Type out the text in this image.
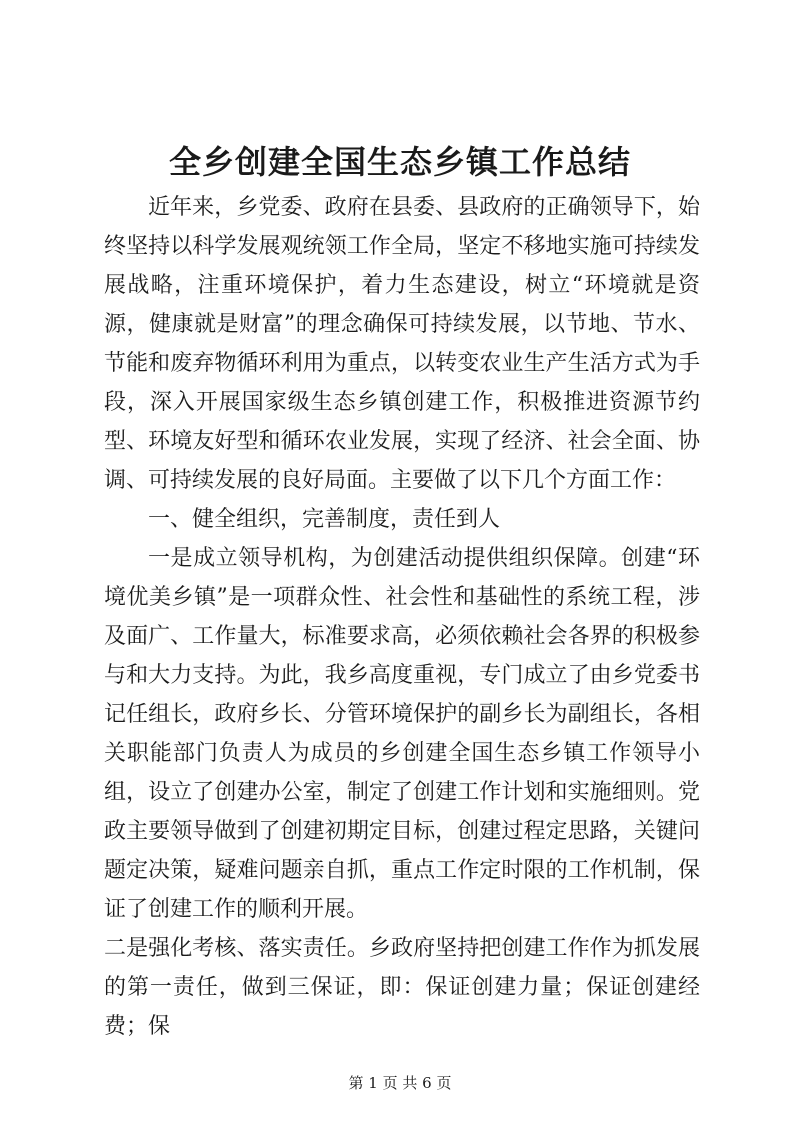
全乡创建全国生态乡镇工作总结

近年来，乡党委、政府在县委、县政府的正确领导下，始终坚持以科学发展观统领工作全局，坚定不移地实施可持续发展战略，注重环境保护，着力生态建设，树立“环境就是资源，健康就是财富”的理念确保可持续发展，以节地、节水、节能和废弃物循环利用为重点，以转变农业生产生活方式为手段，深入开展国家级生态乡镇创建工作，积极推进资源节约型、环境友好型和循环农业发展，实现了经济、社会全面、协调、可持续发展的良好局面。主要做了以下几个方面工作：

一、健全组织，完善制度，责任到人

一是成立领导机构，为创建活动提供组织保障。创建“环境优美乡镇”是一项群众性、社会性和基础性的系统工程，涉及面广、工作量大，标准要求高，必须依赖社会各界的积极参与和大力支持。为此，我乡高度重视，专门成立了由乡党委书记任组长，政府乡长、分管环境保护的副乡长为副组长，各相关职能部门负责人为成员的乡创建全国生态乡镇工作领导小组，设立了创建办公室，制定了创建工作计划和实施细则。党政主要领导做到了创建初期定目标，创建过程定思路，关键问题定决策，疑难问题亲自抓，重点工作定时限的工作机制，保证了创建工作的顺利开展。

二是强化考核、落实责任。乡政府坚持把创建工作作为抓发展的第一责任，做到三保证，即：保证创建力量；保证创建经费；保

第 1 页 共 6 页
